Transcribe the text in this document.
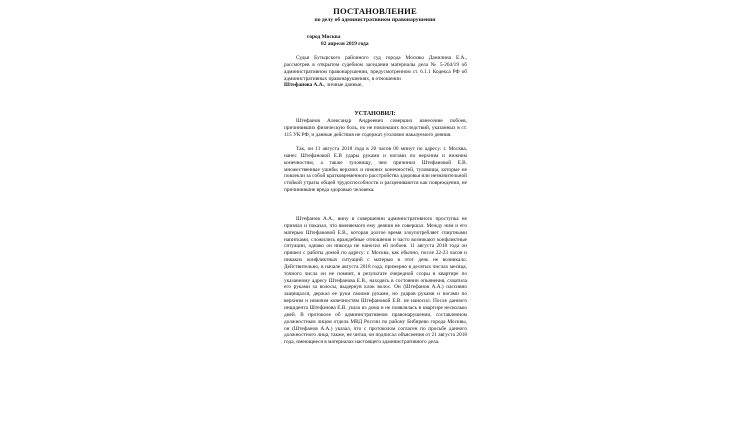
ПОСТАНОВЛЕНИЕ
по делу об административном правонарушении
город Москва
02 апреля 2019 года
Судья Бутырского районного суд города Москвы Данилина Е.А., рассмотрев в открытом судебном заседании материалы дела № 5-264/19 об административном правонарушении, предусмотренном ст. 6.1.1 Кодекса РФ об административных правонарушениях, в отношении
Штефанова А.А., личные данные,
УСТАНОВИЛ:
Штефанов Александр Андреевич совершил нанесение побоев, причинивших физическую боль, но не повлекших последствий, указанных в ст. 115 УК РФ, и данные действия не содержат уголовно наказуемого деяния.
Так, он 11 августа 2018 года в 20 часов 00 минут по адресу: г. Москва, нанес Штефановой Е.В удары руками и ногами по верхним и нижним конечностям, а также туловищу, чем причинил Штефановой Е.В. множественные ушибы верхних и нижних конечностей, туловища, которые не повлекли за собой кратковременного расстройства здоровья или незначительной стойкой утраты общей трудоспособности и расцениваются как повреждения, не причинившие вреда здоровью человека.
Штефанов А.А., вину в совершении административного проступка не признал и показал, что вменяемого ему деяния не совершал. Между ним и его матерью Штефановой Е.В., которая долгое время злоупотребляет спиртными напитками, сложились враждебные отношения и часто возникают конфликтные ситуации, однако он никогда не наносил ей побоев. 11 августа 2018 года он пришел с работы домой по адресу: г. Москва, как обычно, после 22-23 часов и никаких конфликтных ситуаций с матерью в этот день не возникало. Действительно, в начале августа 2018 года, примерно в десятых числах месяца, точного числа он не помнит, в результате очередной ссоры в квартире по указанному адресу Штефанова Е.В., находясь в состоянии опьянения, схватила его руками за волосы, выдернув клок волос. Он (Штефанов А.А.) пассивно защищался, держал ее руки своими руками, но ударов руками и ногами по верхним и нижним конечностям Штефановой Е.В. не наносил. После данного инцидента Штефанова Е.В. ушла из дома и не появлялась в квартире несколько дней. В протоколе об административном правонарушении, составленном должностным лицом отдела МВД России по району Бибирево города Москвы, он (Штефанов А.А.) указал, что с протоколом согласен по просьбе данного должностного лица, также, не читая, он подписал объяснения от 21 августа 2018 года, имеющиеся в материалах настоящего административного дела.
